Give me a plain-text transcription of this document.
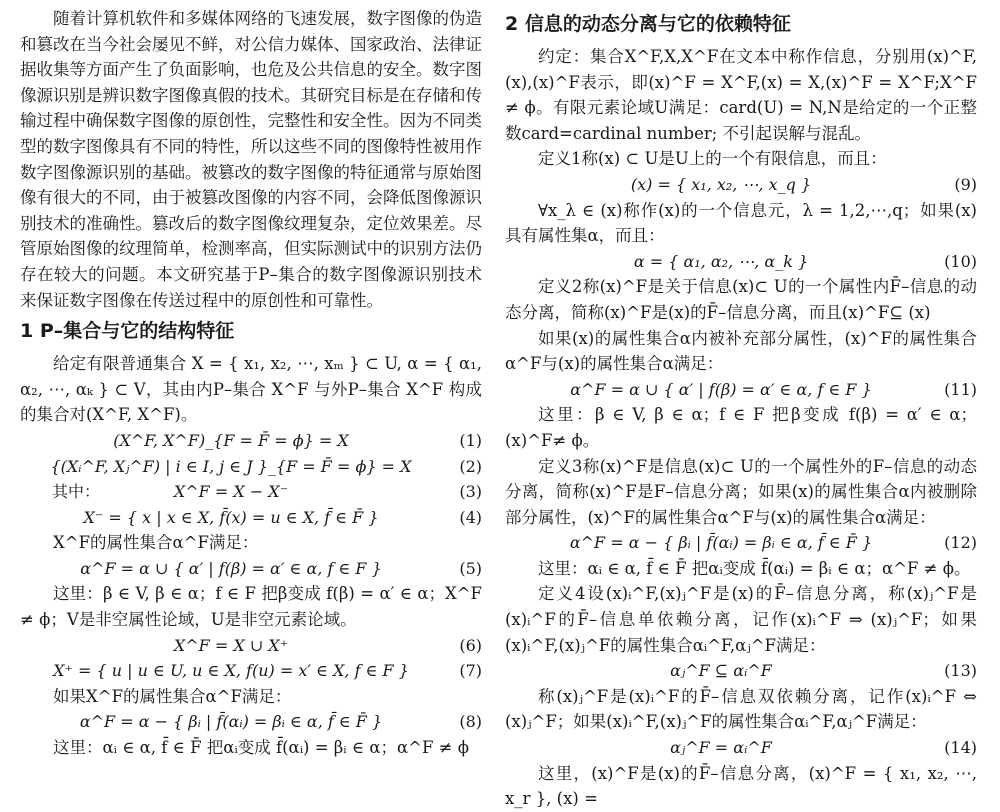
随着计算机软件和多媒体网络的飞速发展，数字图像的伪造和篡改在当今社会屡见不鲜，对公信力媒体、国家政治、法律证据收集等方面产生了负面影响，也危及公共信息的安全。数字图像源识别是辨识数字图像真假的技术。其研究目标是在存储和传输过程中确保数字图像的原创性，完整性和安全性。因为不同类型的数字图像具有不同的特性，所以这些不同的图像特性被用作数字图像源识别的基础。被篡改的数字图像的特征通常与原始图像有很大的不同，由于被篡改图像的内容不同，会降低图像源识别技术的准确性。篡改后的数字图像纹理复杂，定位效果差。尽管原始图像的纹理简单，检测率高，但实际测试中的识别方法仍存在较大的问题。本文研究基于P–集合的数字图像源识别技术来保证数字图像在传送过程中的原创性和可靠性。

1 P–集合与它的结构特征

给定有限普通集合 X = { x₁, x₂, ⋯, xₘ } ⊂ U, α = { α₁, α₂, ⋯, αₖ } ⊂ V，其由内P–集合 X^F 与外P–集合 X^F 构成的集合对(X^F, X^F)。

(X^F, X^F)_{F = F̄ = ϕ} = X	(1)
{(Xᵢ^F, Xⱼ^F) | i ∈ I, j ∈ J }_{F = F̄ = ϕ} = X	(2)
其中：	X^F = X − X⁻	(3)
X⁻ = { x | x ∈ X, f̄(x) = u ∈ X, f̄ ∈ F̄ }	(4)

X^F的属性集合α^F满足：

α^F = α ∪ { α′ | f(β) = α′ ∈ α, f ∈ F }	(5)

这里：β ∈ V, β ∈ α；f ∈ F 把β变成 f(β) = α′ ∈ α；X^F ≠ ϕ；V是非空属性论域，U是非空元素论域。

X^F = X ∪ X⁺	(6)
X⁺ = { u | u ∈ U, u ∈ X, f(u) = x′ ∈ X, f ∈ F }	(7)

如果X^F的属性集合α^F满足：

α^F = α − { βᵢ | f̄(αᵢ) = βᵢ ∈ α, f̄ ∈ F̄ }	(8)

这里：αᵢ ∈ α, f̄ ∈ F̄ 把αᵢ变成 f̄(αᵢ) = βᵢ ∈ α；α^F ≠ ϕ

2 信息的动态分离与它的依赖特征

约定：集合X^F,X,X^F在文本中称作信息，分别用(x)^F,(x),(x)^F表示，即(x)^F = X^F,(x) = X,(x)^F = X^F;X^F ≠ ϕ。有限元素论域U满足：card(U) = N,N是给定的一个正整数card=cardinal number; 不引起误解与混乱。

定义1称(x) ⊂ U是U上的一个有限信息，而且：

(x) = { x₁, x₂, ⋯, x_q }	(9)

∀x_λ ∈ (x)称作(x)的一个信息元，λ = 1,2,⋯,q；如果(x)具有属性集α，而且：

α = { α₁, α₂, ⋯, α_k }	(10)

定义2称(x)^F是关于信息(x)⊂ U的一个属性内F̄–信息的动态分离，简称(x)^F是(x)的F̄–信息分离，而且(x)^F⊆ (x)

如果(x)的属性集合α内被补充部分属性，(x)^F的属性集合α^F与(x)的属性集合α满足：

α^F = α ∪ { α′ | f(β) = α′ ∈ α, f ∈ F }	(11)

这里：β ∈ V, β ∈ α；f ∈ F 把β变成 f(β) = α′ ∈ α；(x)^F≠ ϕ。

定义3称(x)^F是信息(x)⊂ U的一个属性外的F–信息的动态分离，简称(x)^F是F–信息分离；如果(x)的属性集合α内被删除部分属性，(x)^F的属性集合α^F与(x)的属性集合α满足：

α^F = α − { βᵢ | f̄(αᵢ) = βᵢ ∈ α, f̄ ∈ F̄ }	(12)

这里：αᵢ ∈ α, f̄ ∈ F̄ 把αᵢ变成 f̄(αᵢ) = βᵢ ∈ α；α^F ≠ ϕ。

定义4设(x)ᵢ^F,(x)ⱼ^F是(x)的F̄–信息分离，称(x)ⱼ^F是(x)ᵢ^F的F̄–信息单依赖分离，记作(x)ᵢ^F ⇒ (x)ⱼ^F；如果(x)ᵢ^F,(x)ⱼ^F的属性集合αᵢ^F,αⱼ^F满足：

αⱼ^F ⊆ αᵢ^F	(13)

称(x)ⱼ^F是(x)ᵢ^F的F̄–信息双依赖分离，记作(x)ᵢ^F ⇔ (x)ⱼ^F；如果(x)ᵢ^F,(x)ⱼ^F的属性集合αᵢ^F,αⱼ^F满足：

αⱼ^F = αᵢ^F	(14)

这里，(x)^F是(x)的F̄–信息分离，(x)^F = { x₁, x₂, ⋯, x_r }, (x) =
